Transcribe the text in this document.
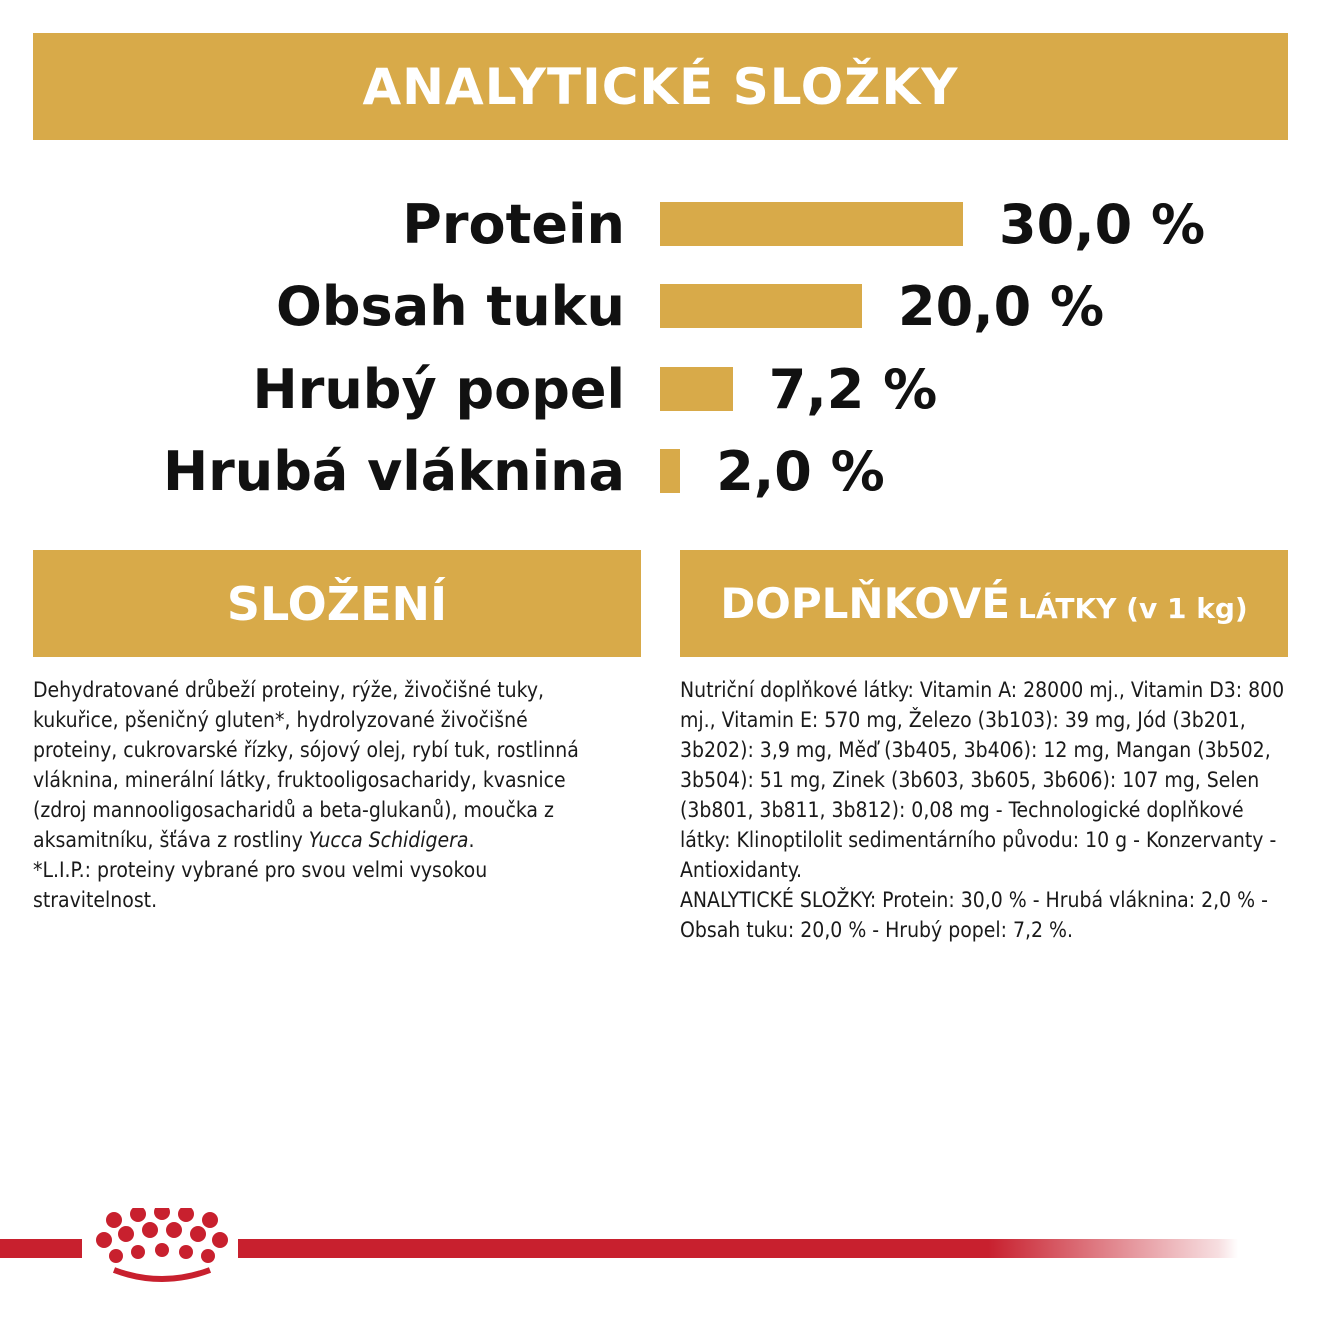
ANALYTICKÉ SLOŽKY
Protein	30,0 %
Obsah tuku	20,0 %
Hrubý popel	7,2 %
Hrubá vláknina 2,0 %
SLOŽENÍ	DOPLŇKOVÉ LÁTKY (v 1 kg)
Dehydratované drůbeží proteiny, rýže, živočišné tuky, kukuřice, pšeničný gluten*, hydrolyzované živočišné proteiny, cukrovarské řízky, sójový olej, rybí tuk, rostlinná vláknina, minerální látky, fruktooligosacharidy, kvasnice (zdroj mannooligosacharidů a beta-glukanů), moučka z aksamitníku, šťáva z rostliny Yucca Schidigera.
*L.I.P.: proteiny vybrané pro svou velmi vysokou stravitelnost.
Nutriční doplňkové látky: Vitamin A: 28000 mj., Vitamin D3: 800 mj., Vitamin E: 570 mg, Železo (3b103): 39 mg, Jód (3b201, 3b202): 3,9 mg, Měď (3b405, 3b406): 12 mg, Mangan (3b502, 3b504): 51 mg, Zinek (3b603, 3b605, 3b606): 107 mg, Selen (3b801, 3b811, 3b812): 0,08 mg - Technologické doplňkové látky: Klinoptilolit sedimentárního původu: 10 g - Konzervanty - Antioxidanty.
ANALYTICKÉ SLOŽKY: Protein: 30,0 % - Hrubá vláknina: 2,0 % - Obsah tuku: 20,0 % - Hrubý popel: 7,2 %.
